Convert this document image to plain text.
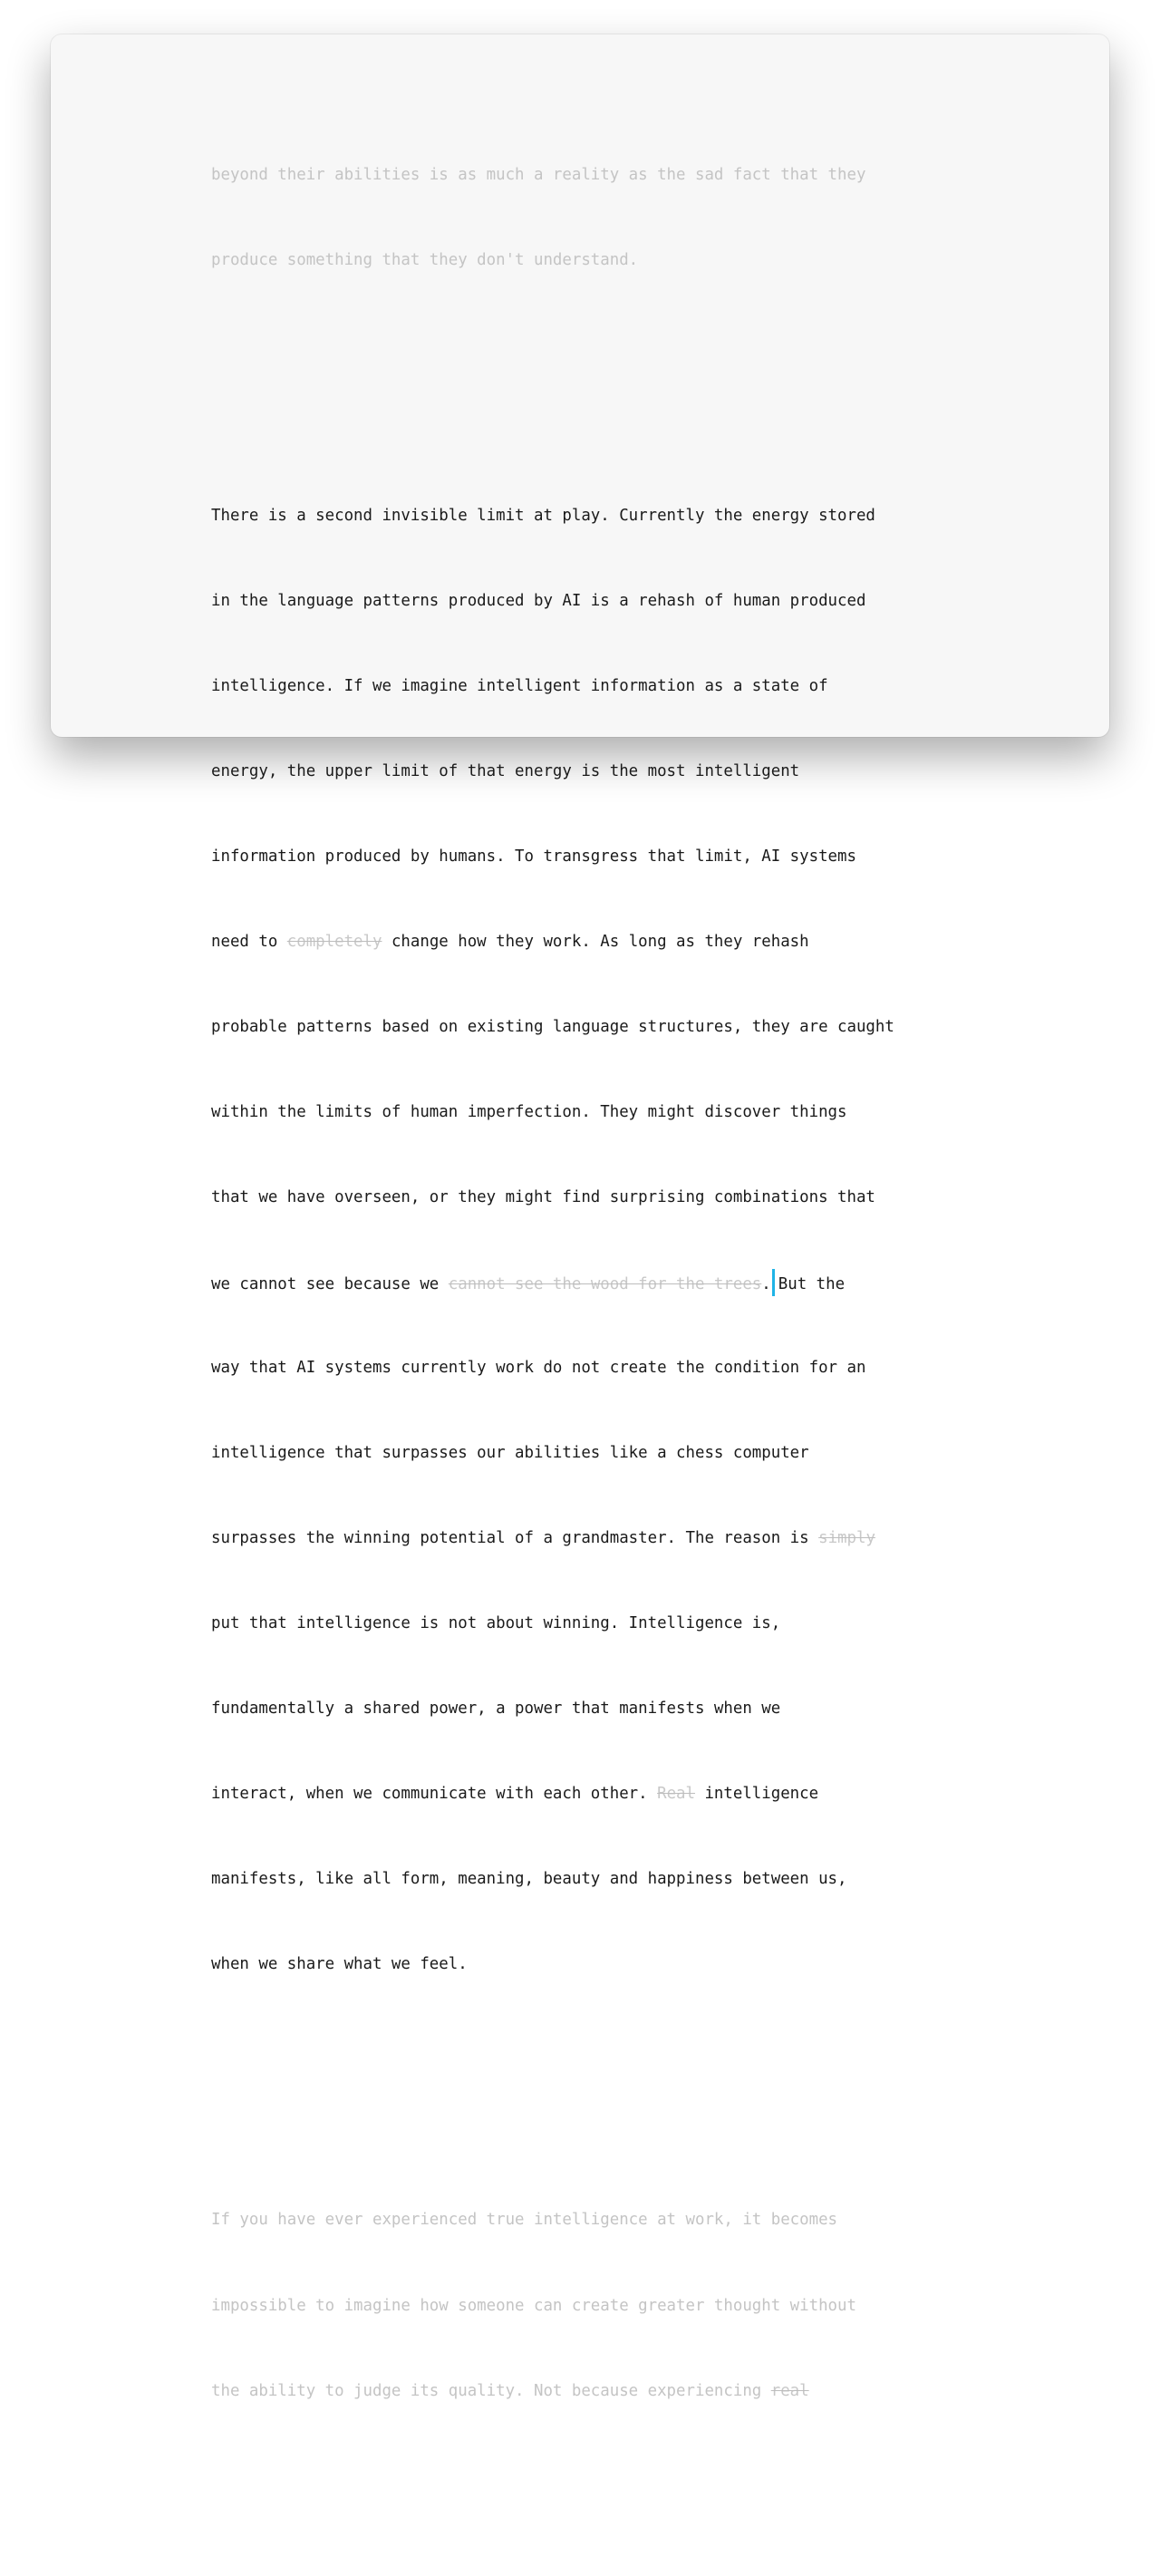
beyond their abilities is as much a reality as the sad fact that they

produce something that they don't understand.

There is a second invisible limit at play. Currently the energy stored

in the language patterns produced by AI is a rehash of human produced

intelligence. If we imagine intelligent information as a state of

energy, the upper limit of that energy is the most intelligent

information produced by humans. To transgress that limit, AI systems

need to completely change how they work. As long as they rehash

probable patterns based on existing language structures, they are caught

within the limits of human imperfection. They might discover things

that we have overseen, or they might find surprising combinations that

we cannot see because we cannot see the wood for the trees. But the

way that AI systems currently work do not create the condition for an

intelligence that surpasses our abilities like a chess computer

surpasses the winning potential of a grandmaster. The reason is simply

put that intelligence is not about winning. Intelligence is,

fundamentally a shared power, a power that manifests when we

interact, when we communicate with each other. Real intelligence

manifests, like all form, meaning, beauty and happiness between us,

when we share what we feel.

If you have ever experienced true intelligence at work, it becomes

impossible to imagine how someone can create greater thought without

the ability to judge its quality. Not because experiencing real
